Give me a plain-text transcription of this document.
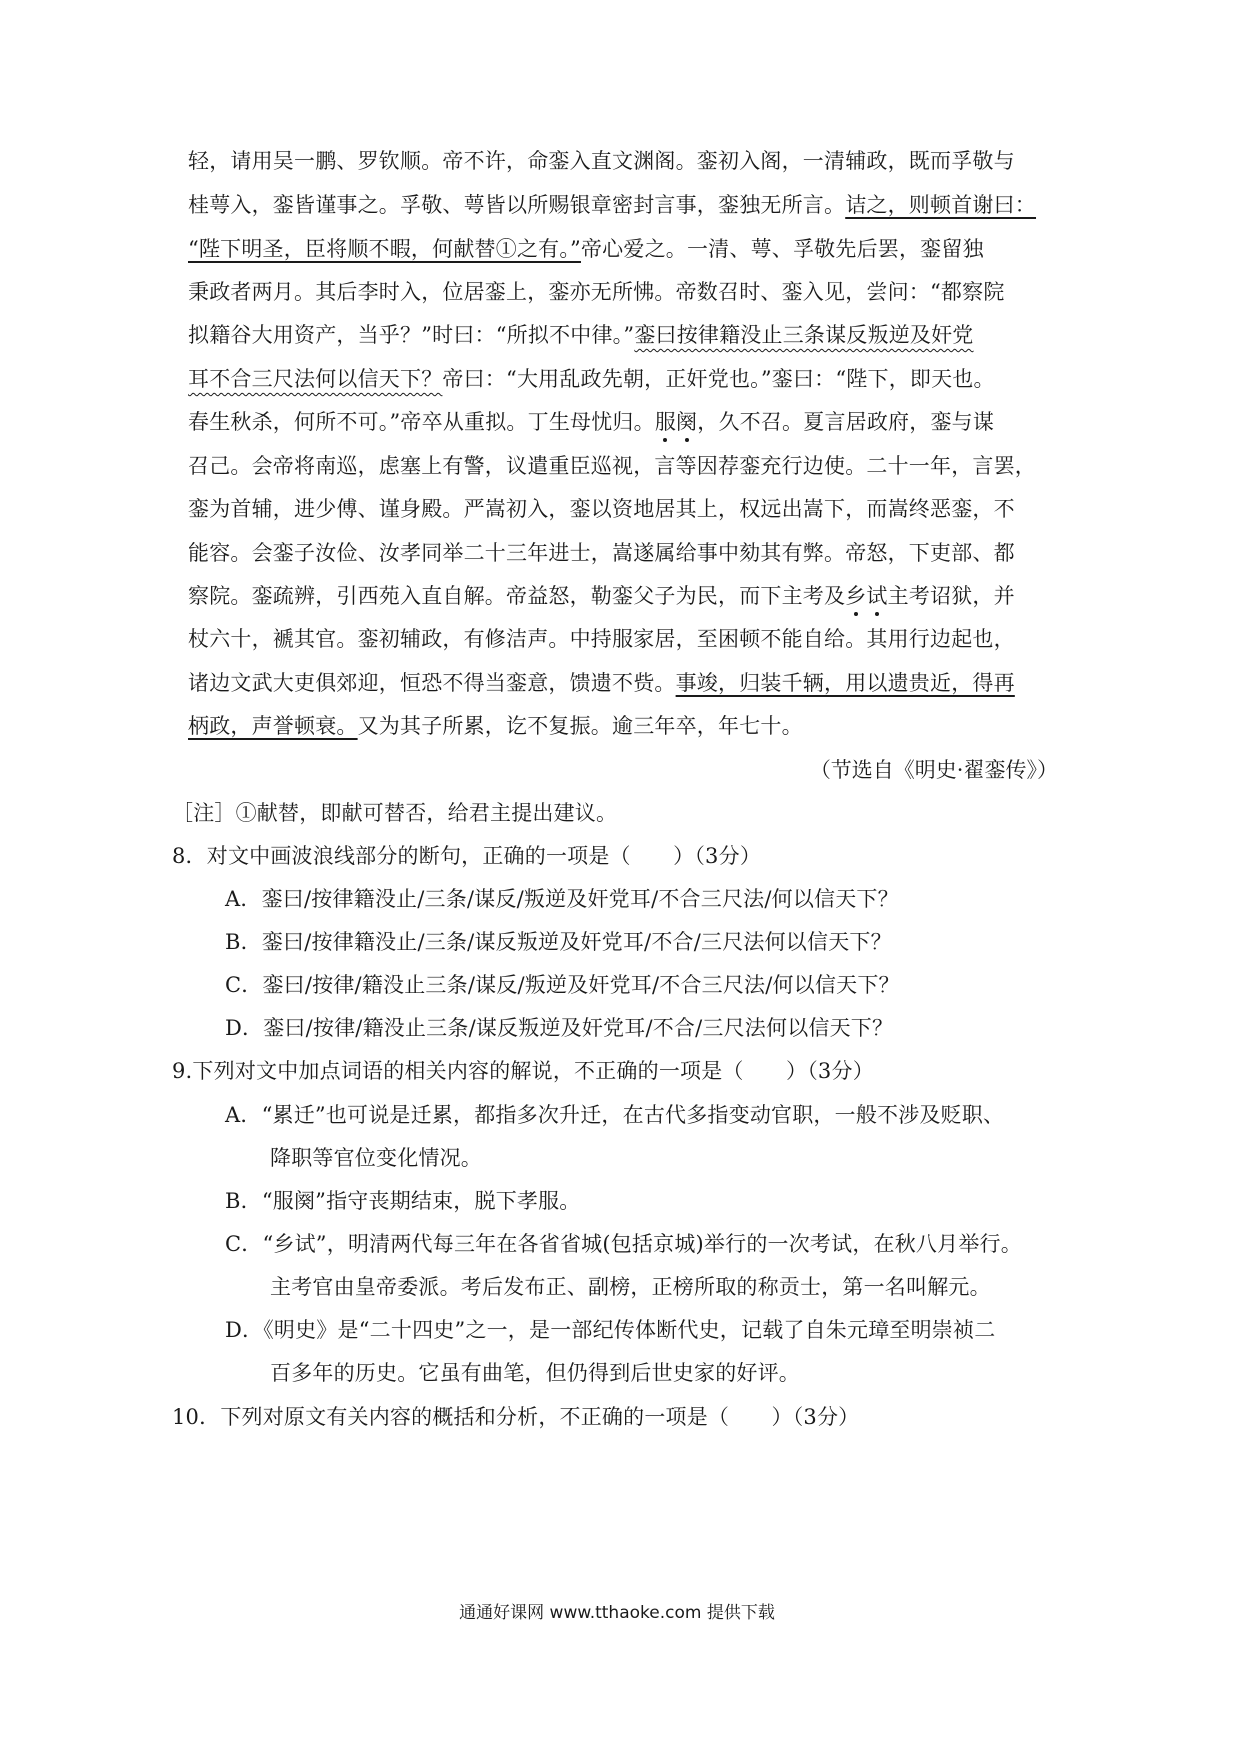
轻，请用吴一鹏、罗钦顺。帝不许，命銮入直文渊阁。銮初入阁，一清辅政，既而孚敬与
桂萼入，銮皆谨事之。孚敬、萼皆以所赐银章密封言事，銮独无所言。诘之，则顿首谢曰：
“陛下明圣，臣将顺不暇，何献替①之有。”帝心爱之。一清、萼、孚敬先后罢，銮留独
秉政者两月。其后李时入，位居銮上，銮亦无所怫。帝数召时、銮入见，尝问：“都察院
拟籍谷大用资产，当乎？”时曰：“所拟不中律。”銮曰按律籍没止三条谋反叛逆及奸党
耳不合三尺法何以信天下？帝曰：“大用乱政先朝，正奸党也。”銮曰：“陛下，即天也。
春生秋杀，何所不可。”帝卒从重拟。丁生母忧归。服阕，久不召。夏言居政府，銮与谋
召己。会帝将南巡，虑塞上有警，议遣重臣巡视，言等因荐銮充行边使。二十一年，言罢，
銮为首辅，进少傅、谨身殿。严嵩初入，銮以资地居其上，权远出嵩下，而嵩终恶銮，不
能容。会銮子汝俭、汝孝同举二十三年进士，嵩遂属给事中劾其有弊。帝怒，下吏部、都
察院。銮疏辨，引西苑入直自解。帝益怒，勒銮父子为民，而下主考及乡试主考诏狱，并
杖六十，褫其官。銮初辅政，有修洁声。中持服家居，至困顿不能自给。其用行边起也，
诸边文武大吏俱郊迎，恒恐不得当銮意，馈遗不赀。事竣，归装千辆，用以遗贵近，得再
柄政，声誉顿衰。又为其子所累，讫不复振。逾三年卒，年七十。
（节选自《明史·翟銮传》）
［注］①献替，即献可替否，给君主提出建议。
8．对文中画波浪线部分的断句，正确的一项是（　　）（3分）
A．銮曰/按律籍没止/三条/谋反/叛逆及奸党耳/不合三尺法/何以信天下？
B．銮曰/按律籍没止/三条/谋反叛逆及奸党耳/不合/三尺法何以信天下？
C．銮曰/按律/籍没止三条/谋反/叛逆及奸党耳/不合三尺法/何以信天下？
D．銮曰/按律/籍没止三条/谋反叛逆及奸党耳/不合/三尺法何以信天下？
9.下列对文中加点词语的相关内容的解说，不正确的一项是（　　）（3分）
A．“累迁”也可说是迁累，都指多次升迁，在古代多指变动官职，一般不涉及贬职、
降职等官位变化情况。
B．“服阕”指守丧期结束，脱下孝服。
C．“乡试”，明清两代每三年在各省省城(包括京城)举行的一次考试，在秋八月举行。
主考官由皇帝委派。考后发布正、副榜，正榜所取的称贡士，第一名叫解元。
D．《明史》是“二十四史”之一，是一部纪传体断代史，记载了自朱元璋至明崇祯二
百多年的历史。它虽有曲笔，但仍得到后世史家的好评。
10．下列对原文有关内容的概括和分析，不正确的一项是（　　）（3分）
通通好课网 www.tthaoke.com 提供下载
